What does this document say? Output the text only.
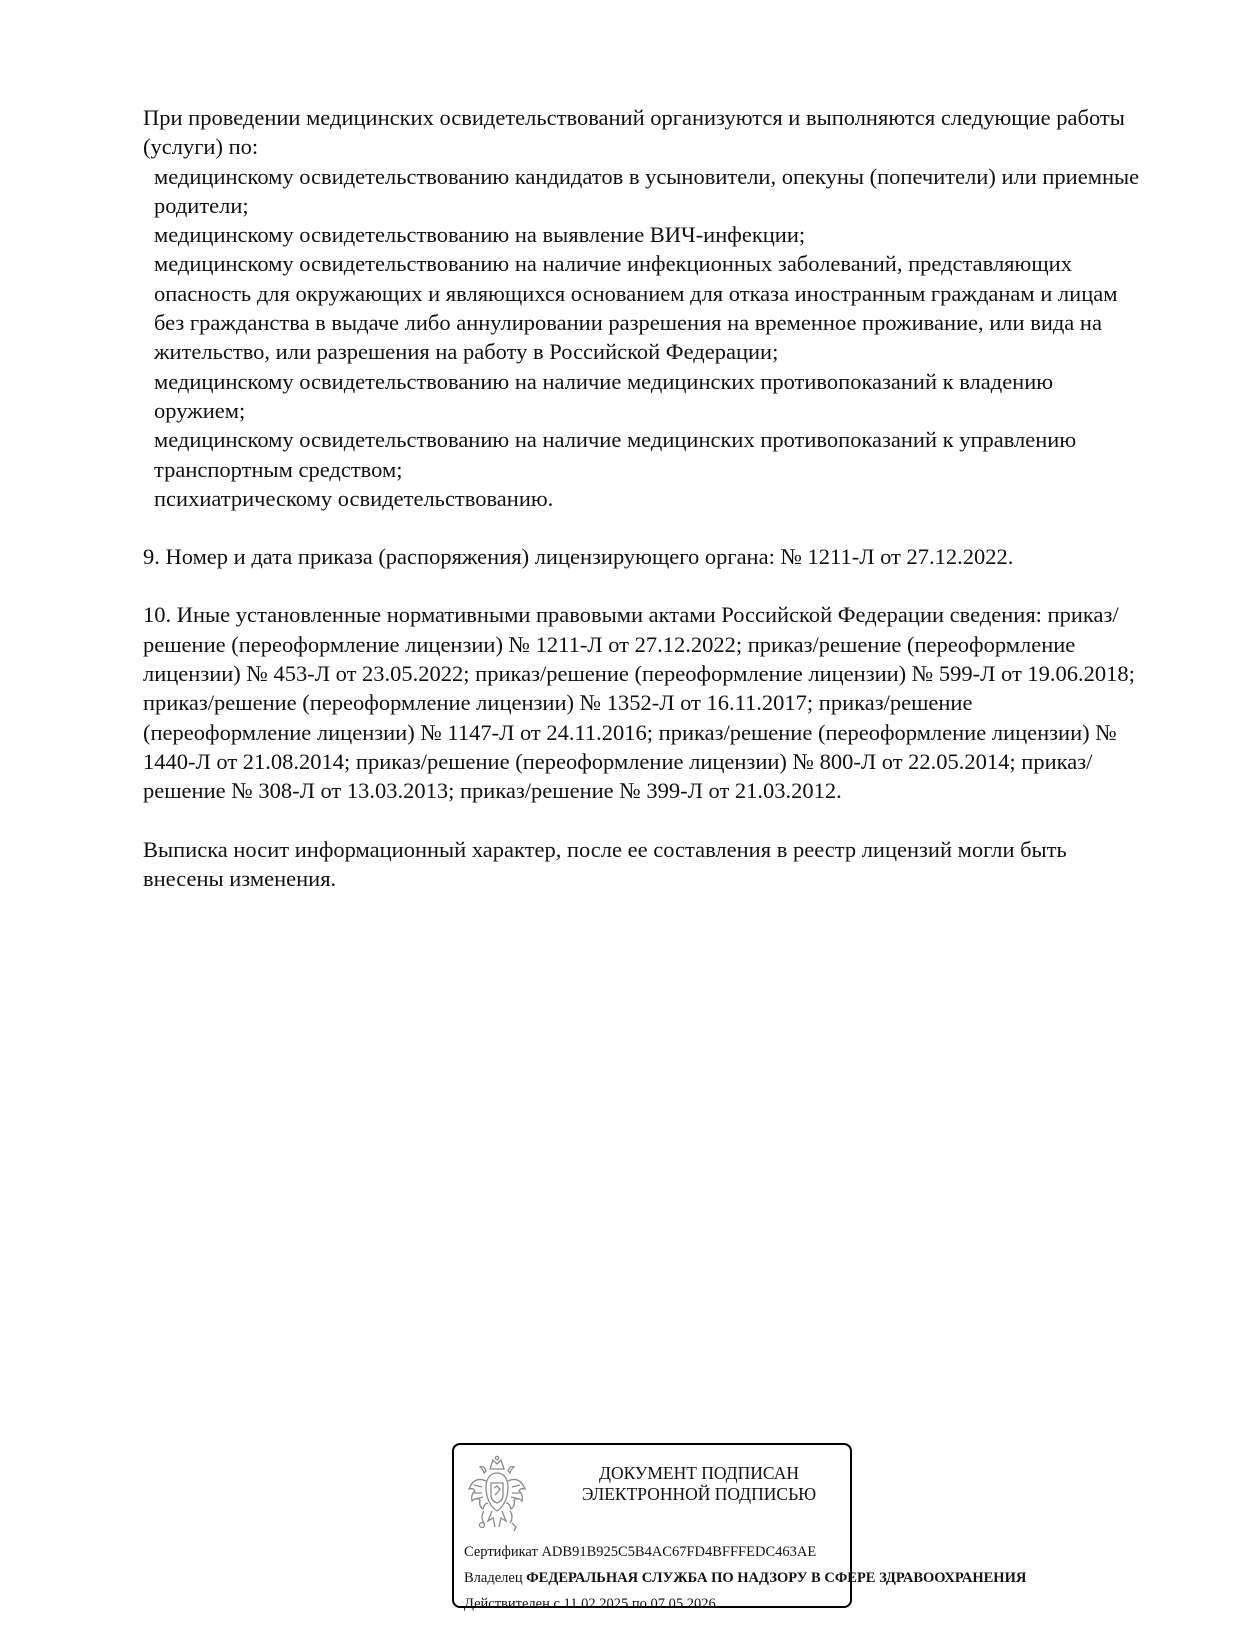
При проведении медицинских освидетельствований организуются и выполняются следующие работы (услуги) по:

медицинскому освидетельствованию кандидатов в усыновители, опекуны (попечители) или приемные родители;

медицинскому освидетельствованию на выявление ВИЧ-инфекции;

медицинскому освидетельствованию на наличие инфекционных заболеваний, представляющих опасность для окружающих и являющихся основанием для отказа иностранным гражданам и лицам без гражданства в выдаче либо аннулировании разрешения на временное проживание, или вида на жительство, или разрешения на работу в Российской Федерации;

медицинскому освидетельствованию на наличие медицинских противопоказаний к владению оружием;

медицинскому освидетельствованию на наличие медицинских противопоказаний к управлению транспортным средством;

психиатрическому освидетельствованию.

9. Номер и дата приказа (распоряжения) лицензирующего органа: № 1211-Л от 27.12.2022.

10. Иные установленные нормативными правовыми актами Российской Федерации сведения: приказ/решение (переоформление лицензии) № 1211-Л от 27.12.2022; приказ/решение (переоформление лицензии) № 453-Л от 23.05.2022; приказ/решение (переоформление лицензии) № 599-Л от 19.06.2018; приказ/решение (переоформление лицензии) № 1352-Л от 16.11.2017; приказ/решение (переоформление лицензии) № 1147-Л от 24.11.2016; приказ/решение (переоформление лицензии) № 1440-Л от 21.08.2014; приказ/решение (переоформление лицензии) № 800-Л от 22.05.2014; приказ/решение № 308-Л от 13.03.2013; приказ/решение № 399-Л от 21.03.2012.

Выписка носит информационный характер, после ее составления в реестр лицензий могли быть внесены изменения.

ДОКУМЕНТ ПОДПИСАН
ЭЛЕКТРОННОЙ ПОДПИСЬЮ
Сертификат ADB91B925C5B4AC67FD4BFFFEDC463AE
Владелец ФЕДЕРАЛЬНАЯ СЛУЖБА ПО НАДЗОРУ В СФЕРЕ ЗДРАВООХРАНЕНИЯ
Действителен с 11.02.2025 по 07.05.2026
